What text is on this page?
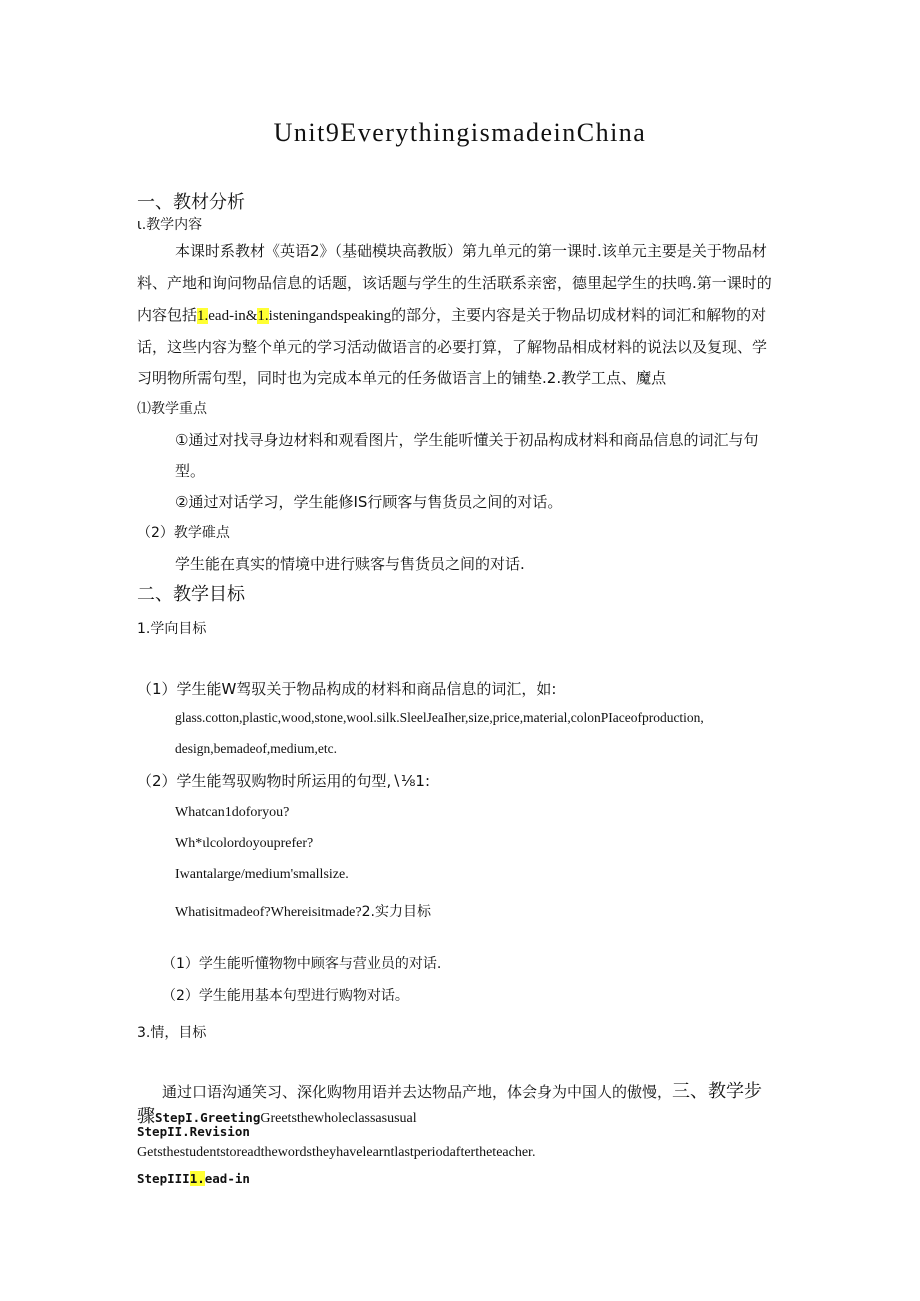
Unit9EverythingismadeinChina
一、教材分析
ι.教学内容
本课时系教材《英语2》（基础模块高教版）第九单元的第一课时.该单元主要是关于物品材
料、产地和询问物品信息的话题，该话题与学生的生活联系亲密，德里起学生的扶鸣.第一课时的
内容包括1.ead-in&1.isteningandspeaking的部分，主要内容是关于物品切成材料的词汇和解物的对
话，这些内容为整个单元的学习活动做语言的必要打算，了解物品相成材料的说法以及复现、学
习明物所需句型，同时也为完成本单元的任务做语言上的铺垫.2.教学工点、魔点
⑴教学重点
①通过对找寻身边材料和观看图片，学生能听懂关于初品构成材料和商品信息的词汇与句
型。
②通过对话学习，学生能修IS行顾客与售货员之间的对话。
（2）教学碓点
学生能在真实的情境中进行赎客与售货员之间的对话.
二、教学目标
1.学向目标
（1）学生能W驾驭关于物品构成的材料和商品信息的词汇，如:
glass.cotton,plastic,wood,stone,wool.silk.SleelJeaIher,size,price,material,colonPIaceofproduction,
design,bemadeof,medium,etc.
（2）学生能驾驭购物时所运用的句型,∖⅛1:
Whatcan1doforyou?
Wh*ιlcolordoyouprefer?
Iwantalarge/medium'smallsize.
Whatisitmadeof?Whereisitmade?2.实力目标
（1）学生能听懂物物中顾客与营业员的对话.
（2）学生能用基本句型进行购物对话。
3.情，目标
通过口语沟通笑习、深化购物用语并去达物品产地，体会身为中国人的傲慢，三、教学步
骤StepI.GreetingGreetsthewholeclassasusual
StepII.Revision
Getsthestudentstoreadthewordstheyhavelearntlastperiodaftertheteacher.
StepIII1.ead-in
